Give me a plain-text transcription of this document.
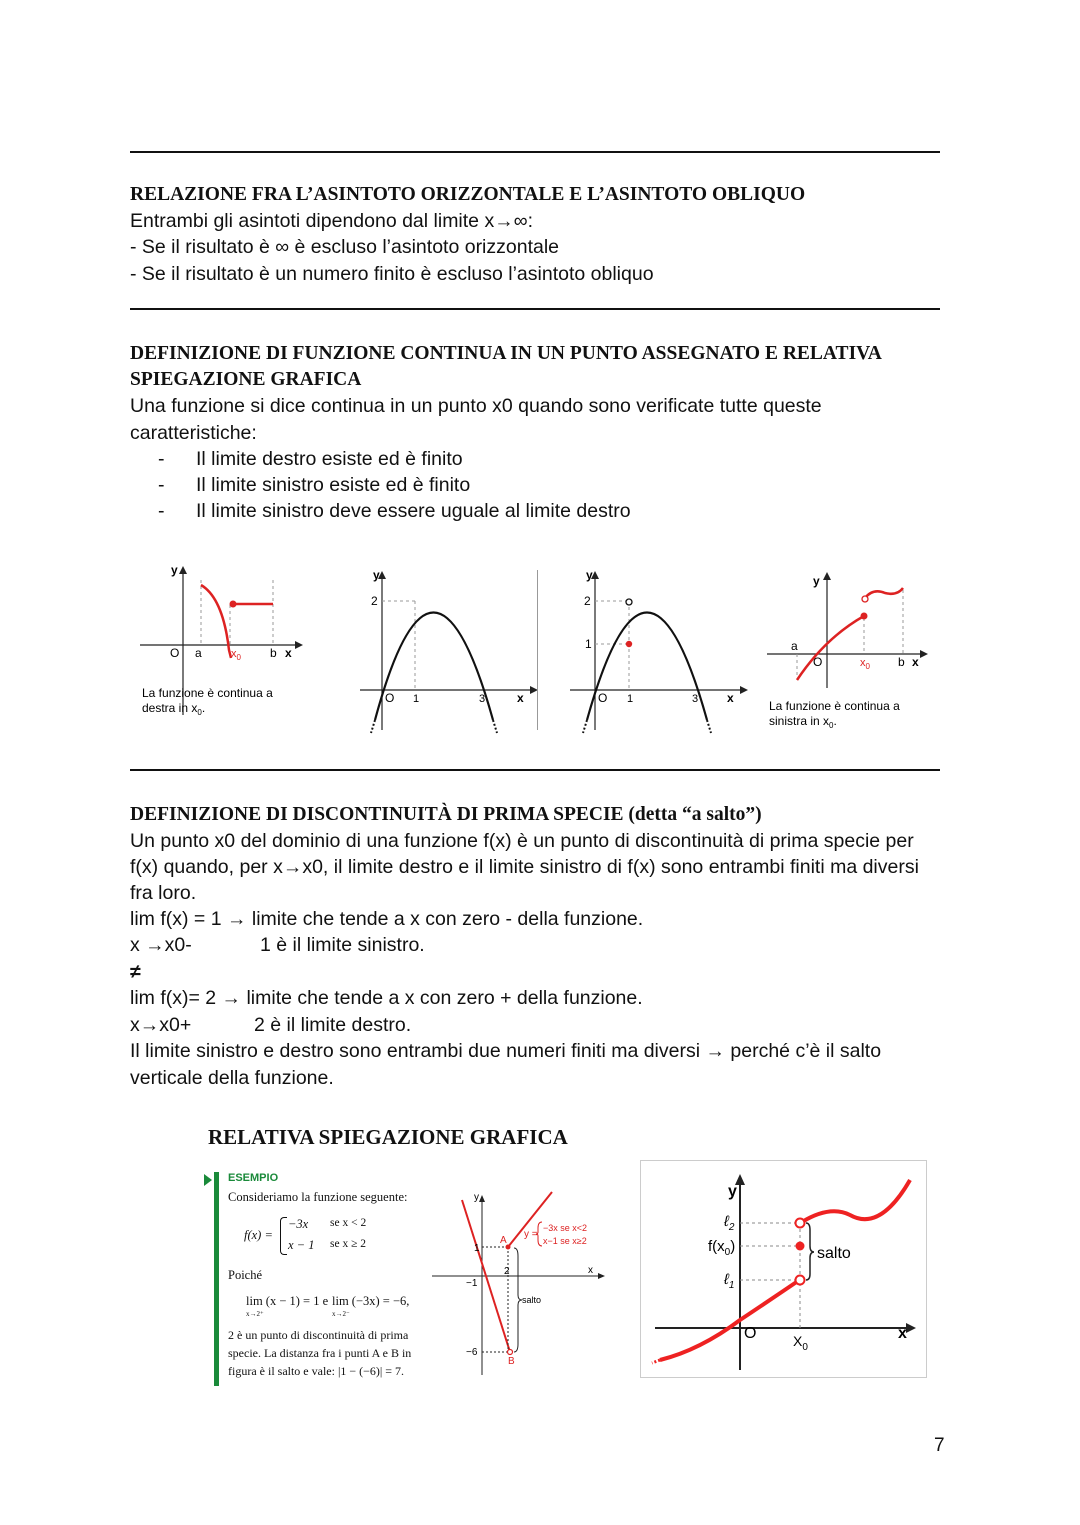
RELAZIONE FRA L’ASINTOTO ORIZZONTALE E L’ASINTOTO OBLIQUO
Entrambi gli asintoti dipendono dal limite x→∞:
- Se il risultato è ∞ è escluso l’asintoto orizzontale
- Se il risultato è un numero finito è escluso l’asintoto obliquo
DEFINIZIONE DI FUNZIONE CONTINUA IN UN PUNTO ASSEGNATO E RELATIVA
SPIEGAZIONE GRAFICA
Una funzione si dice continua in un punto x0 quando sono verificate tutte queste
caratteristiche:
- Il limite destro esiste ed è finito
- Il limite sinistro esiste ed è finito
- Il limite sinistro deve essere uguale al limite destro
y
O a	$x_0$ b x
La funzione è continua a
destra in $x_0$.
y
2
O 1	3	x
y
2
1
O 1	3 x
y
a
O	$x_0$ b x
La funzione è continua a
sinistra in $x_0$.
DEFINIZIONE DI DISCONTINUITÀ DI PRIMA SPECIE (detta “a salto”)
Un punto x0 del dominio di una funzione f(x) è un punto di discontinuità di prima specie per
f(x) quando, per x→x0, il limite destro e il limite sinistro di f(x) sono entrambi finiti ma diversi
fra loro.
lim f(x) = 1 → limite che tende a x con zero - della funzione.
x →x0-	1 è il limite sinistro.
≠
lim f(x)= 2 → limite che tende a x con zero + della funzione.
x→x0+	2 è il limite destro.
Il limite sinistro e destro sono entrambi due numeri finiti ma diversi → perché c’è il salto
verticale della funzione.
RELATIVA SPIEGAZIONE GRAFICA
ESEMPIO
Consideriamo la funzione seguente:
f(x) =
−3x se x < 2
x − 1 se x ≥ 2
Poiché
lim (x − 1) = 1 e
x→2⁺
lim (−3x) = −6,
x→2⁻
2 è un punto di discontinuità di prima
specie. La distanza fra i punti A e B in
figura è il salto e vale: |1 − (−6)| = 7.
y
x
A
B
1
−1
2
−6
salto
y =
−3x se x<2
x−1 se x≥2
salto
y
ℓ$_2$
$f(x_0)$
ℓ$_1$
O	$X_0$
x
7
